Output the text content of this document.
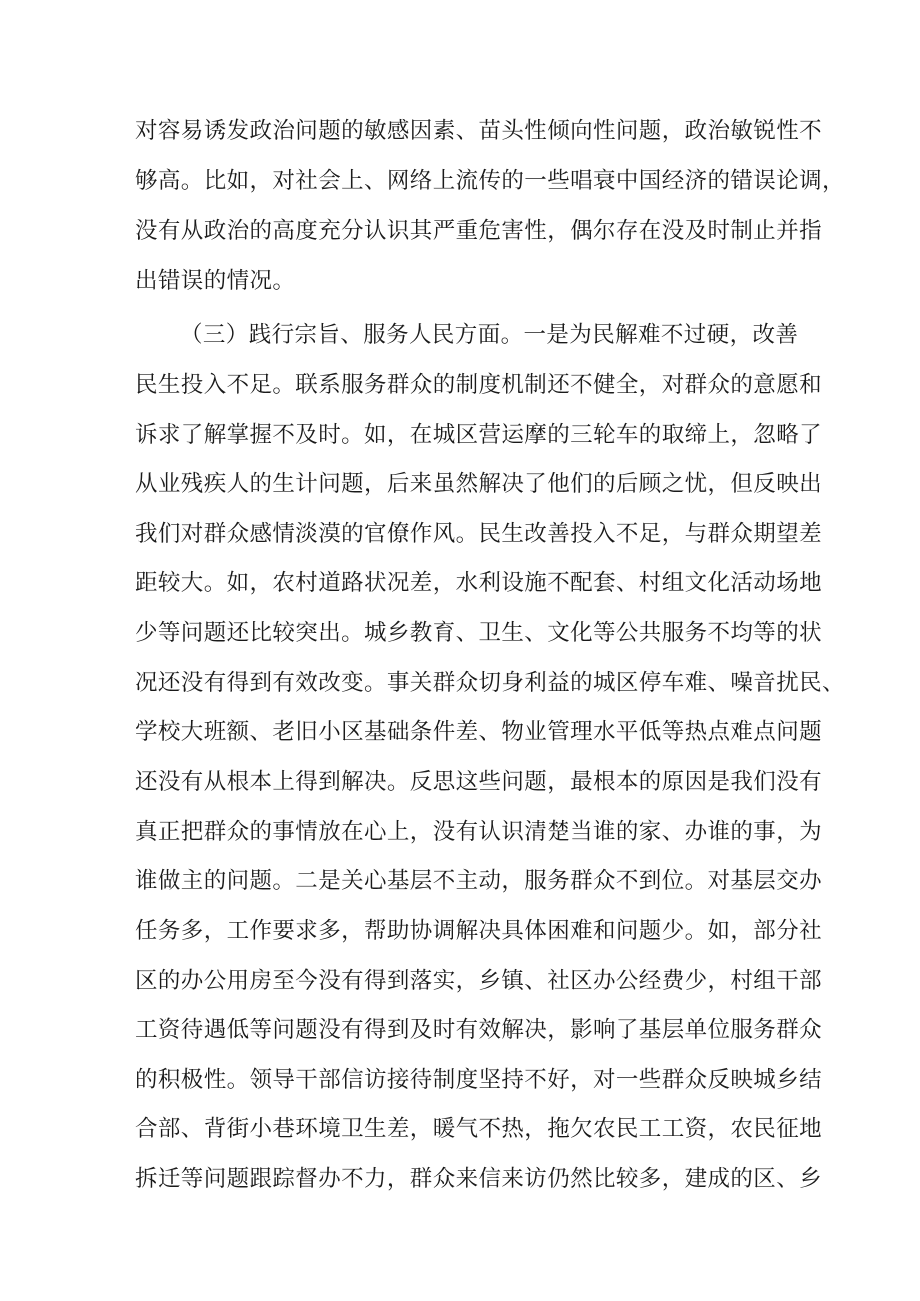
对容易诱发政治问题的敏感因素、苗头性倾向性问题，政治敏锐性不
够高。比如，对社会上、网络上流传的一些唱衰中国经济的错误论调，
没有从政治的高度充分认识其严重危害性，偶尔存在没及时制止并指
出错误的情况。
（三）践行宗旨、服务人民方面。一是为民解难不过硬，改善
民生投入不足。联系服务群众的制度机制还不健全，对群众的意愿和
诉求了解掌握不及时。如，在城区营运摩的三轮车的取缔上，忽略了
从业残疾人的生计问题，后来虽然解决了他们的后顾之忧，但反映出
我们对群众感情淡漠的官僚作风。民生改善投入不足，与群众期望差
距较大。如，农村道路状况差，水利设施不配套、村组文化活动场地
少等问题还比较突出。城乡教育、卫生、文化等公共服务不均等的状
况还没有得到有效改变。事关群众切身利益的城区停车难、噪音扰民、
学校大班额、老旧小区基础条件差、物业管理水平低等热点难点问题
还没有从根本上得到解决。反思这些问题，最根本的原因是我们没有
真正把群众的事情放在心上，没有认识清楚当谁的家、办谁的事，为
谁做主的问题。二是关心基层不主动，服务群众不到位。对基层交办
任务多，工作要求多，帮助协调解决具体困难和问题少。如，部分社
区的办公用房至今没有得到落实，乡镇、社区办公经费少，村组干部
工资待遇低等问题没有得到及时有效解决，影响了基层单位服务群众
的积极性。领导干部信访接待制度坚持不好，对一些群众反映城乡结
合部、背街小巷环境卫生差，暖气不热，拖欠农民工工资，农民征地
拆迁等问题跟踪督办不力，群众来信来访仍然比较多，建成的区、乡
